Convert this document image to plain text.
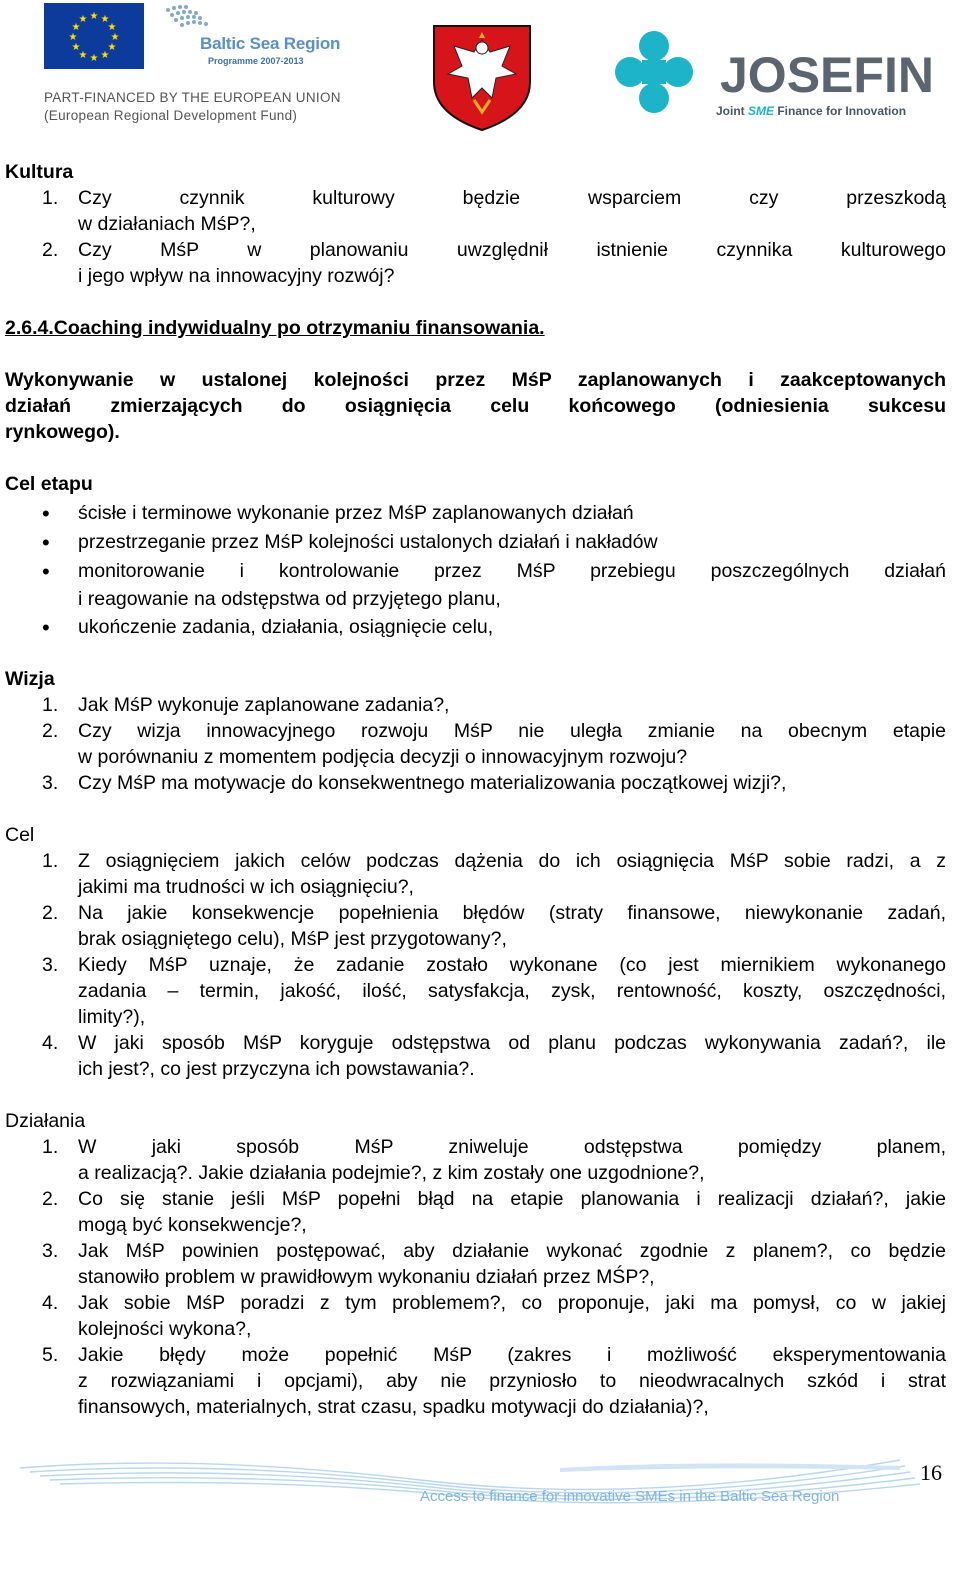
★ ★
★
★
★
★
★
★
★
★
★
★
Baltic Sea Region
Programme 2007-2013
PART-FINANCED BY THE EUROPEAN UNION
(European Regional Development Fund)
JOSEFIN
Joint SME Finance for Innovation
Kultura
1. Czy czynnik kulturowy będzie wsparciem czy przeszkodą
w działaniach MśP?,
2. Czy MśP w planowaniu uwzględnił istnienie czynnika kulturowego
i jego wpływ na innowacyjny rozwój?
2.6.4.Coaching indywidualny po otrzymaniu finansowania.
Wykonywanie w ustalonej kolejności przez MśP zaplanowanych i zaakceptowanych
działań zmierzających do osiągnięcia celu końcowego (odniesienia sukcesu
rynkowego).
Cel etapu
• ścisłe i terminowe wykonanie przez MśP zaplanowanych działań
• przestrzeganie przez MśP kolejności ustalonych działań i nakładów
• monitorowanie i kontrolowanie przez MśP przebiegu poszczególnych działań
i reagowanie na odstępstwa od przyjętego planu,
• ukończenie zadania, działania, osiągnięcie celu,
Wizja
1. Jak MśP wykonuje zaplanowane zadania?,
2. Czy wizja innowacyjnego rozwoju MśP nie uległa zmianie na obecnym etapie
w porównaniu z momentem podjęcia decyzji o innowacyjnym rozwoju?
3. Czy MśP ma motywacje do konsekwentnego materializowania początkowej wizji?,
Cel
1. Z osiągnięciem jakich celów podczas dążenia do ich osiągnięcia MśP sobie radzi, a z
jakimi ma trudności w ich osiągnięciu?,
2. Na jakie konsekwencje popełnienia błędów (straty finansowe, niewykonanie zadań,
brak osiągniętego celu), MśP jest przygotowany?,
3. Kiedy MśP uznaje, że zadanie zostało wykonane (co jest miernikiem wykonanego
zadania – termin, jakość, ilość, satysfakcja, zysk, rentowność, koszty, oszczędności,
limity?),
4. W jaki sposób MśP koryguje odstępstwa od planu podczas wykonywania zadań?, ile
ich jest?, co jest przyczyna ich powstawania?.
Działania
1. W jaki sposób MśP zniweluje odstępstwa pomiędzy planem,
a realizacją?. Jakie działania podejmie?, z kim zostały one uzgodnione?,
2. Co się stanie jeśli MśP popełni błąd na etapie planowania i realizacji działań?, jakie
mogą być konsekwencje?,
3. Jak MśP powinien postępować, aby działanie wykonać zgodnie z planem?, co będzie
stanowiło problem w prawidłowym wykonaniu działań przez MŚP?,
4. Jak sobie MśP poradzi z tym problemem?, co proponuje, jaki ma pomysł, co w jakiej
kolejności wykona?,
5. Jakie błędy może popełnić MśP (zakres i możliwość eksperymentowania
z rozwiązaniami i opcjami), aby nie przyniosło to nieodwracalnych szkód i strat
finansowych, materialnych, strat czasu, spadku motywacji do działania)?,
16
Access to finance for innovative SMEs in the Baltic Sea Region
